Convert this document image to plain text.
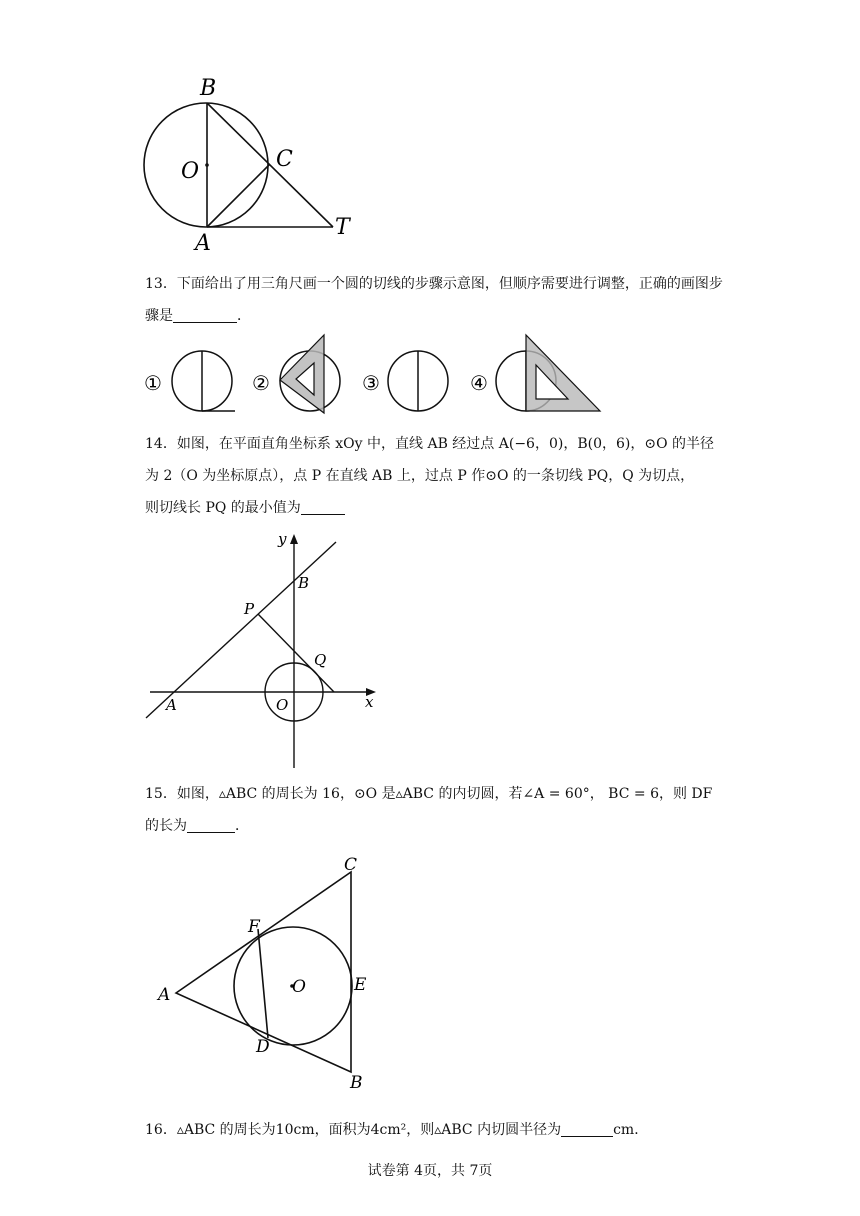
B
O	C
A
T
13．下面给出了用三角尺画一个圆的切线的步骤示意图，但顺序需要进行调整，正确的画图步骤是	．
①	②	③	④
14．如图，在平面直角坐标系 xOy 中，直线 AB 经过点 A(−6，0)，B(0，6)，⊙O 的半径
为 2（O 为坐标原点），点 P 在直线 AB 上，过点 P 作⊙O 的一条切线 PQ，Q 为切点，
则切线长 PQ 的最小值为
y
B
P
Q
A	O	x
15．如图，▵ABC 的周长为 16，⊙O 是▵ABC 的内切圆，若∠A = 60°， BC = 6，则 DF
的长为	．
C
F
O
A	E
D
B
16．▵ABC 的周长为10cm，面积为4cm²，则▵ABC 内切圆半径为	cm．
试卷第 4页，共 7页
